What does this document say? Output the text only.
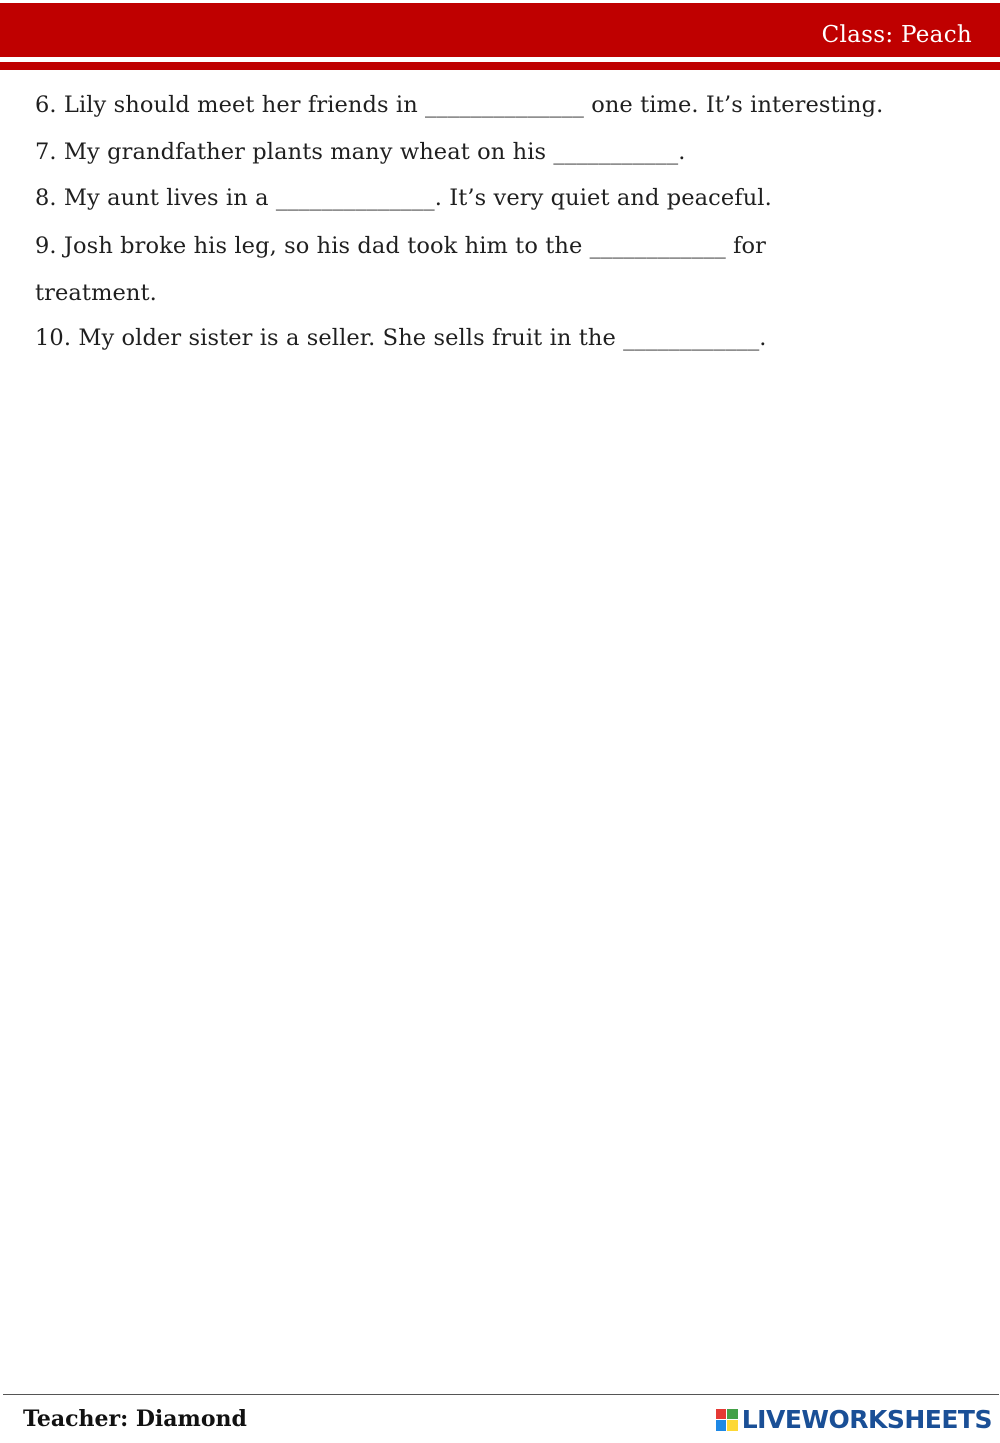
Class: Peach
6. Lily should meet her friends in ______________ one time. It’s interesting.
7. My grandfather plants many wheat on his ___________.
8. My aunt lives in a ______________. It’s very quiet and peaceful.
9. Josh broke his leg, so his dad took him to the ____________ for
treatment.
10. My older sister is a seller. She sells fruit in the ____________.
Teacher: Diamond	LIVEWORKSHEETS
